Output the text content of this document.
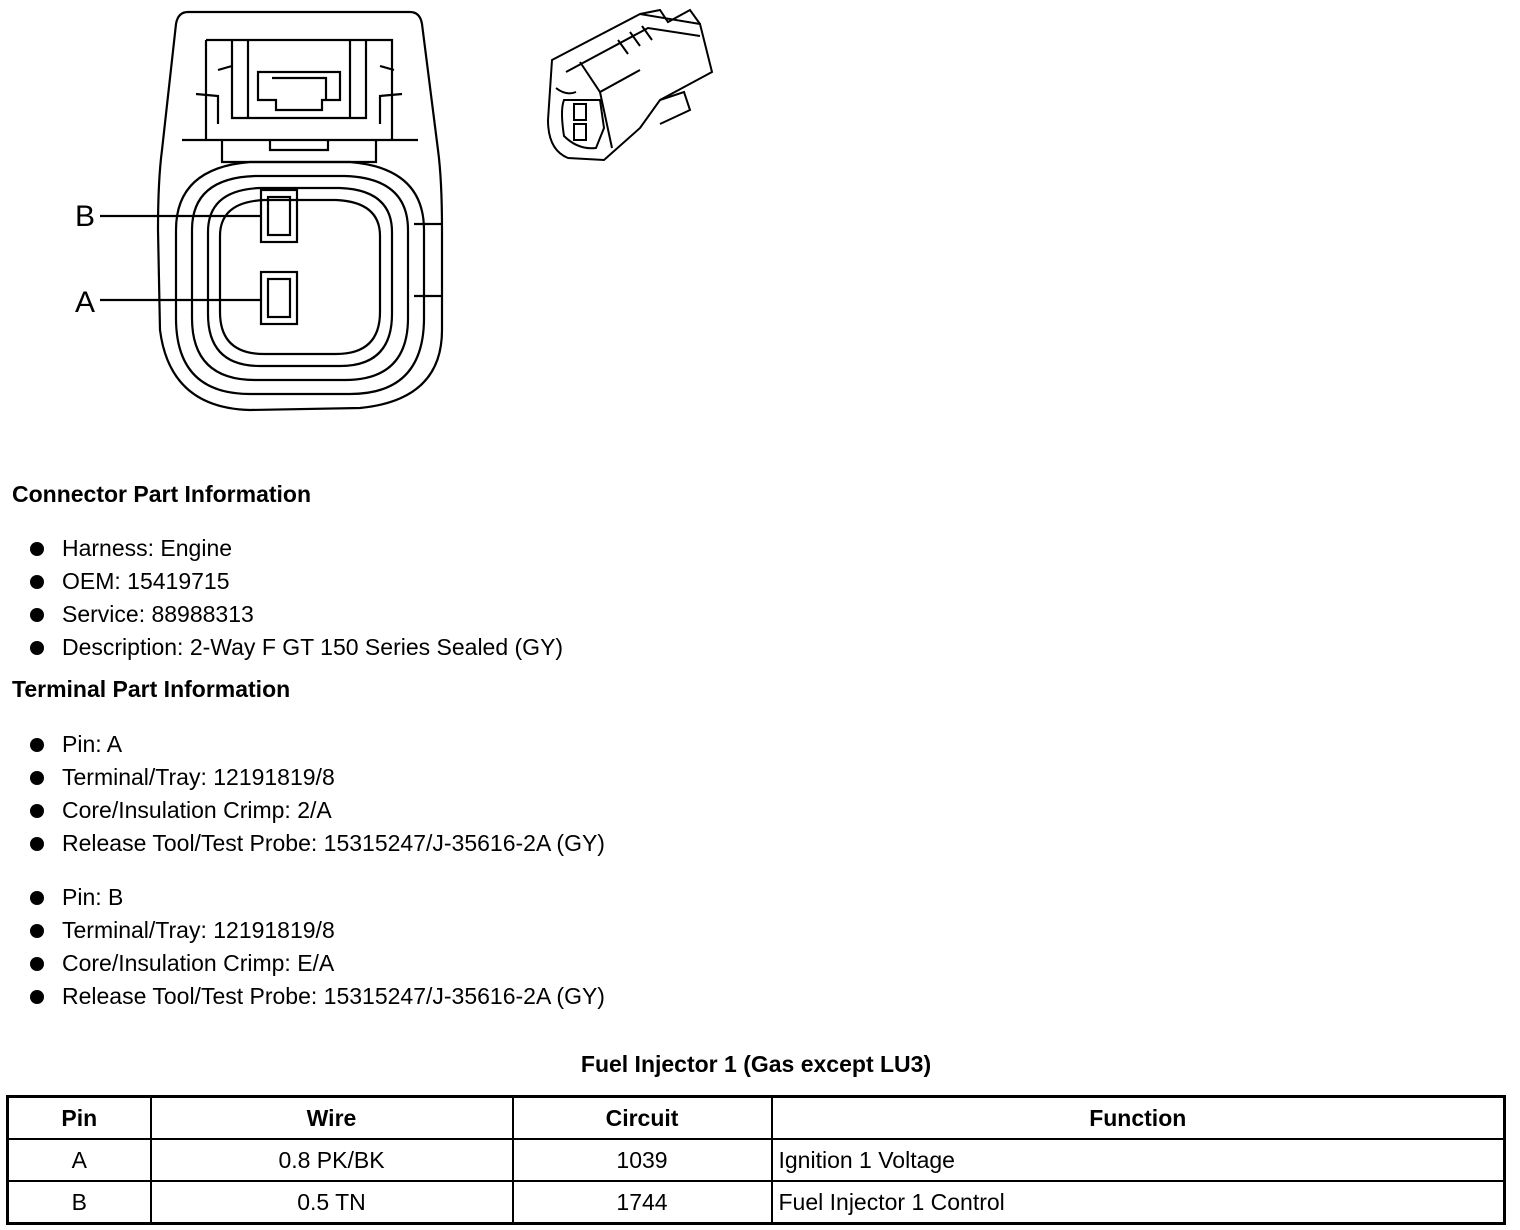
B
A
Connector Part Information
Harness: Engine
OEM: 15419715
Service: 88988313
Description: 2-Way F GT 150 Series Sealed (GY)
Terminal Part Information
Pin: A
Terminal/Tray: 12191819/8
Core/Insulation Crimp: 2/A
Release Tool/Test Probe: 15315247/J-35616-2A (GY)
Pin: B
Terminal/Tray: 12191819/8
Core/Insulation Crimp: E/A
Release Tool/Test Probe: 15315247/J-35616-2A (GY)
Fuel Injector 1 (Gas except LU3)
Pin	Wire	Circuit	Function
A	0.8 PK/BK	1039	Ignition 1 Voltage
B	0.5 TN	1744	Fuel Injector 1 Control
